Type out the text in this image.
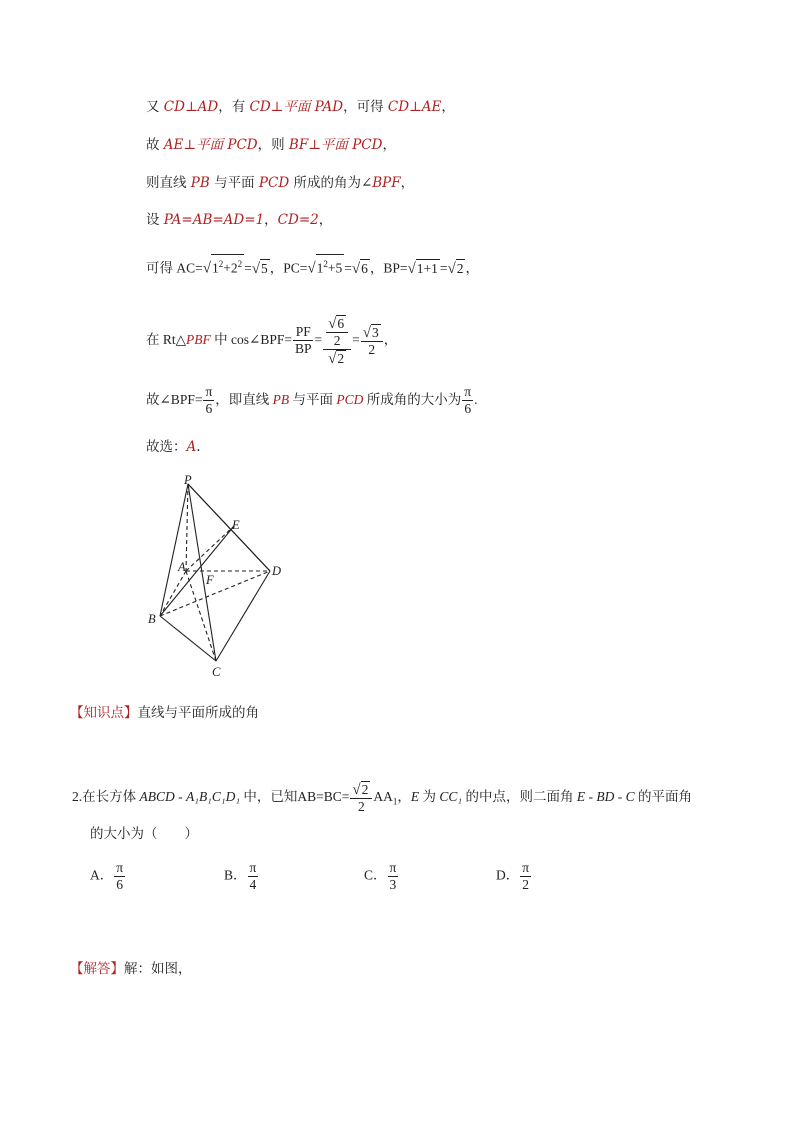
又 CD⊥AD，有 CD⊥平面 PAD，可得 CD⊥AE，
故 AE⊥平面 PCD，则 BF⊥平面 PCD，
则直线 PB 与平面 PCD 所成的角为∠BPF，
设 PA=AB=AD=1，CD=2，
可得 $AC=√1^2+2^2 =√5$ ，$PC=√1^2+5 =√6$ ，BP=√1+1 =√2 ，
在 Rt△PBF 中 cos∠BPF= $\frac{PF}{BP} = \frac{\frac{√6}{2}}{√2} = \frac{√3}{2}$ ，
故∠BPF= $\frac{\pi}{6}$ ，即直线 PB 与平面 PCD 所成角的大小为 $\frac{\pi}{6}$ .
故选：A.
P
E
A
F
D
B
C
【知识点】直线与平面所成的角
2.在长方体 ABCD - A₁B₁C₁D₁ 中，已知$AB=BC= \frac{√2}{2} AA_1$，E 为 CC₁ 的中点，则二面角 E - BD - C 的平面角
的大小为（　　）
A． $\frac{\pi}{6}$	B． $\frac{\pi}{4}$	C． $\frac{\pi}{3}$	D． $\frac{\pi}{2}$
【解答】解：如图，
